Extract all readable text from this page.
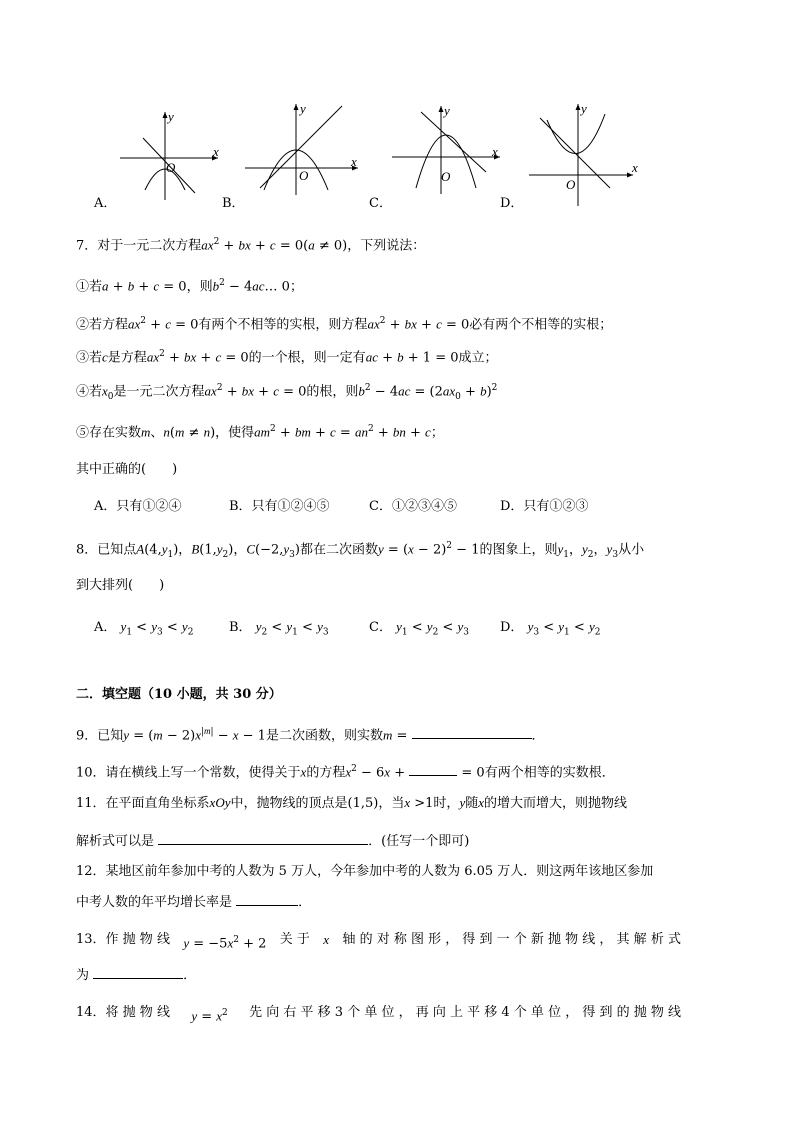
y
x
O
A．
y
x
O
B．
y
x
O
C．
y
x
O
D．
7．对于一元二次方程$ax^2$ + bx + c = 0(a ≠ 0)，下列说法：
①若a + b + c = 0，则$b^2$ − 4ac… 0；
②若方程$ax^2 + c = 0$有两个不相等的实根，则方程$ax^2$ + bx + c = 0必有两个不相等的实根；
③若c是方程$ax^2$ + bx + c = 0的一个根，则一定有ac + b + 1 = 0成立；
④若$x_0$是一元二次方程$ax^2$ + bx + c = 0的根，则$b^2 - 4ac = (2ax_0 + b)^2$
⑤存在实数m、n(m ≠ n)，使得$am^2$ + bm + $c = an^2$ + bn + c；
其中正确的(　　)
A．只有①②④	B．只有①②④⑤	C．①②③④⑤	D．只有①②③
8．已知点$A(4,y_1)$，$B(1,y_2)$，$C(-2,y_3)$都在二次函数$y = (x - 2)^2 - 1$的图象上，则$y_1$，$y_2$，$y_3$从小
到大排列(　　)
A． $y_1 < y_3 < y_2$	B． $y_2 < y_1 < y_3$	C． $y_1 < y_2 < y_3$ D． $y_3 < y_1 < y_2$
二．填空题（10 小题，共 30 分）
9．已知$y = (m - 2)x^{|m|} - x - 1$是二次函数，则实数m =	．
10．请在横线上写一个常数，使得关于x的方程$x^2 - 6x$ +	= 0有两个相等的实数根．
11．在平面直角坐标系xOy中，抛物线的顶点是(1,5)，当x >1时，y随x的增大而增大，则抛物线
解析式可以是	．(任写一个即可)
12．某地区前年参加中考的人数为 5 万人，今年参加中考的人数为 6.05 万人．则这两年该地区参加
中考人数的年平均增长率是	．
13．作 抛 物 线 $y = -5x^2 + 2$ 关 于 x 轴 的 对 称 图 形 ， 得 到 一 个 新 抛 物 线 ， 其 解 析 式
为	．
14．将 抛 物 线 $y = x^2$ 先 向 右 平 移 3 个 单 位 ， 再 向 上 平 移 4 个 单 位 ， 得 到 的 抛 物 线
